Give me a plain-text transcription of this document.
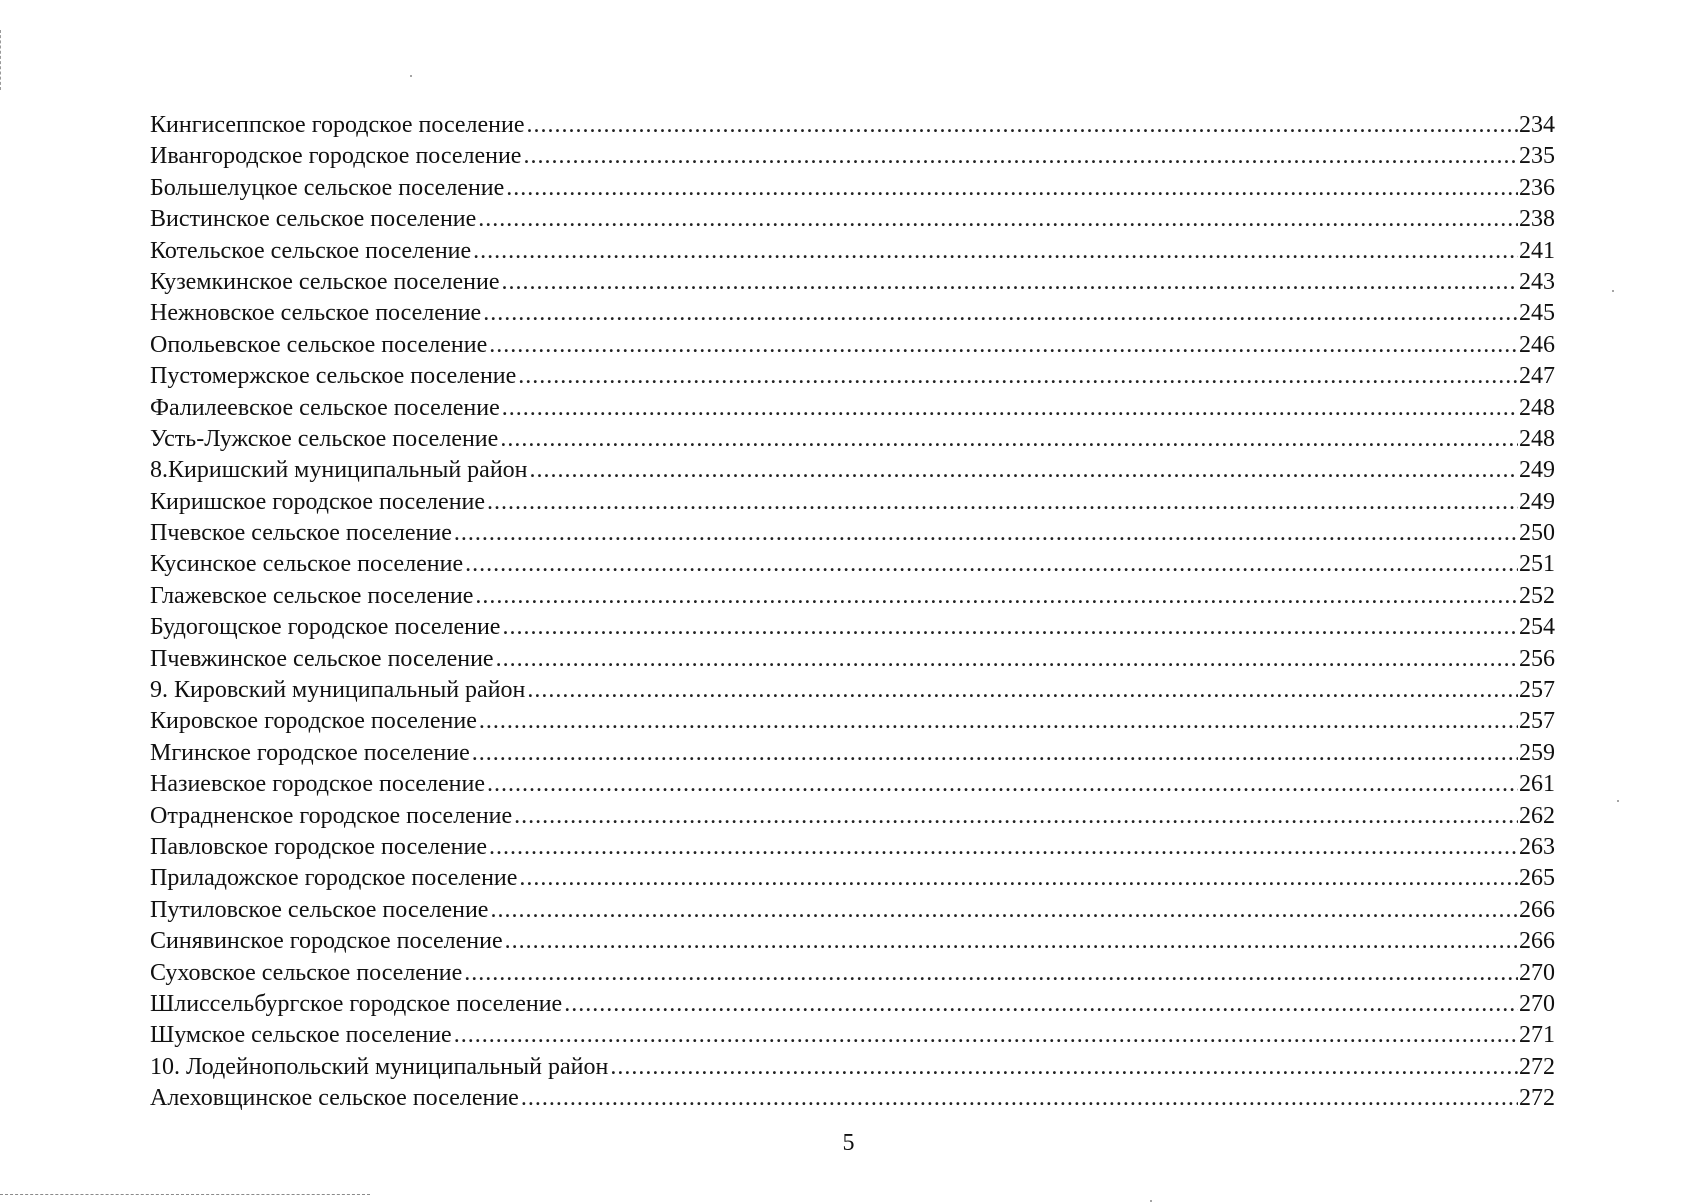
Кингисеппское городское поселение .....	234
Ивангородское городское поселение .....	235
Большелуцкое сельское поселение .....	236
Вистинское сельское поселение .....	238
Котельское сельское поселение .....	241
Куземкинское сельское поселение .....	243
Нежновское сельское поселение .....	245
Опольевское сельское поселение .....	246
Пустомержское сельское поселение .....	247
Фалилеевское сельское поселение .....	248
Усть-Лужское сельское поселение .....	248
8.Киришский муниципальный район .....	249
Киришское городское поселение .....	249
Пчевское сельское поселение .....	250
Кусинское сельское поселение .....	251
Глажевское сельское поселение .....	252
Будогощское городское поселение .....	254
Пчевжинское сельское поселение .....	256
9. Кировский муниципальный район .....	257
Кировское городское поселение .....	257
Мгинское городское поселение .....	259
Назиевское городское поселение .....	261
Отрадненское городское поселение .....	262
Павловское городское поселение .....	263
Приладожское городское поселение .....	265
Путиловское сельское поселение .....	266
Синявинское городское поселение .....	266
Суховское сельское поселение .....	270
Шлиссельбургское городское поселение .....	270
Шумское сельское поселение .....	271
10. Лодейнопольский муниципальный район .....	272
Алеховщинское сельское поселение .....	272
5
